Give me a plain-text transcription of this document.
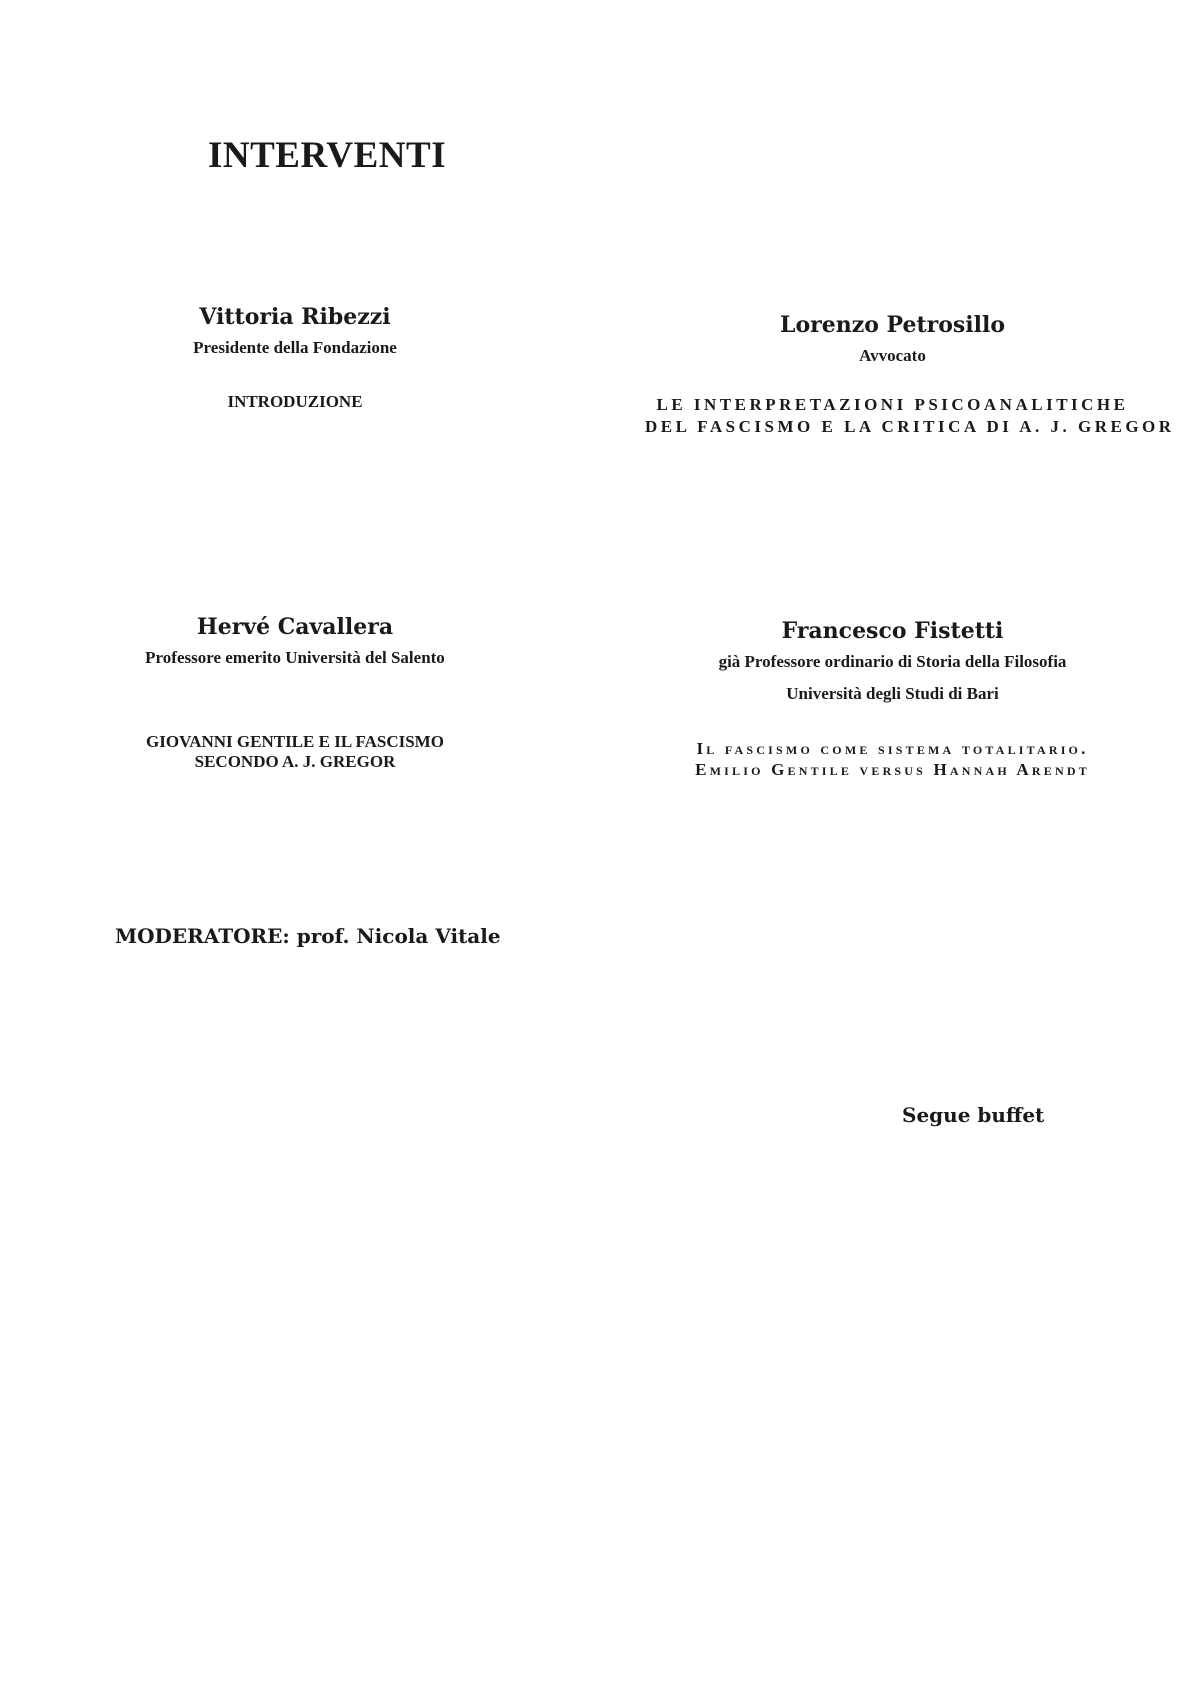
INTERVENTI
Vittoria Ribezzi
Presidente della Fondazione
INTRODUZIONE
Lorenzo Petrosillo
Avvocato
LE INTERPRETAZIONI PSICOANALITICHE
DEL FASCISMO E LA CRITICA DI A. J. GREGOR
Hervé Cavallera
Professore emerito Università del Salento
GIOVANNI GENTILE E IL FASCISMO
SECONDO A. J. GREGOR
Francesco Fistetti
già Professore ordinario di Storia della Filosofia
Università degli Studi di Bari
Il fascismo come sistema totalitario.
Emilio Gentile versus Hannah Arendt
MODERATORE: prof. Nicola Vitale
Segue buffet
